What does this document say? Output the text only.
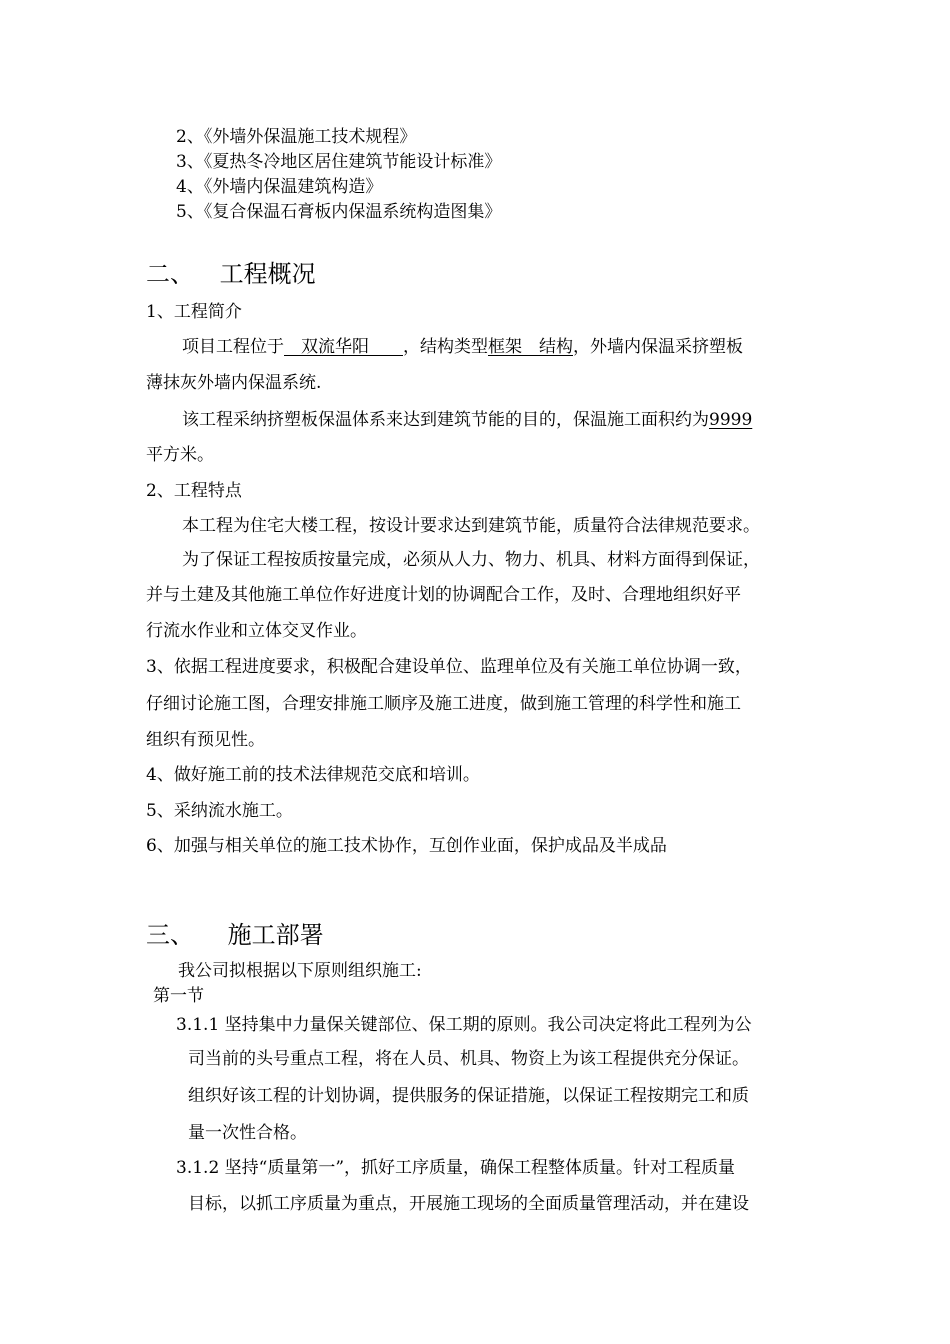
2、《外墙外保温施工技术规程》
3、《夏热冬冷地区居住建筑节能设计标准》
4、《外墙内保温建筑构造》
5、《复合保温石膏板内保温系统构造图集》
二、 工程概况
1、工程简介
项目工程位于　双流华阳　　，结构类型框架　结构，外墙内保温采挤塑板
薄抹灰外墙内保温系统.
该工程采纳挤塑板保温体系来达到建筑节能的目的，保温施工面积约为9999
平方米。
2、工程特点
本工程为住宅大楼工程，按设计要求达到建筑节能，质量符合法律规范要求。
为了保证工程按质按量完成，必须从人力、物力、机具、材料方面得到保证，
并与土建及其他施工单位作好进度计划的协调配合工作，及时、合理地组织好平
行流水作业和立体交叉作业。
3、依据工程进度要求，积极配合建设单位、监理单位及有关施工单位协调一致，
仔细讨论施工图，合理安排施工顺序及施工进度，做到施工管理的科学性和施工
组织有预见性。
4、做好施工前的技术法律规范交底和培训。
5、采纳流水施工。
6、加强与相关单位的施工技术协作，互创作业面，保护成品及半成品
三、 施工部署
我公司拟根据以下原则组织施工:
第一节
3.1.1 坚持集中力量保关键部位、保工期的原则。我公司决定将此工程列为公
司当前的头号重点工程，将在人员、机具、物资上为该工程提供充分保证。
组织好该工程的计划协调，提供服务的保证措施，以保证工程按期完工和质
量一次性合格。
3.1.2 坚持“质量第一”，抓好工序质量，确保工程整体质量。针对工程质量
目标，以抓工序质量为重点，开展施工现场的全面质量管理活动，并在建设
